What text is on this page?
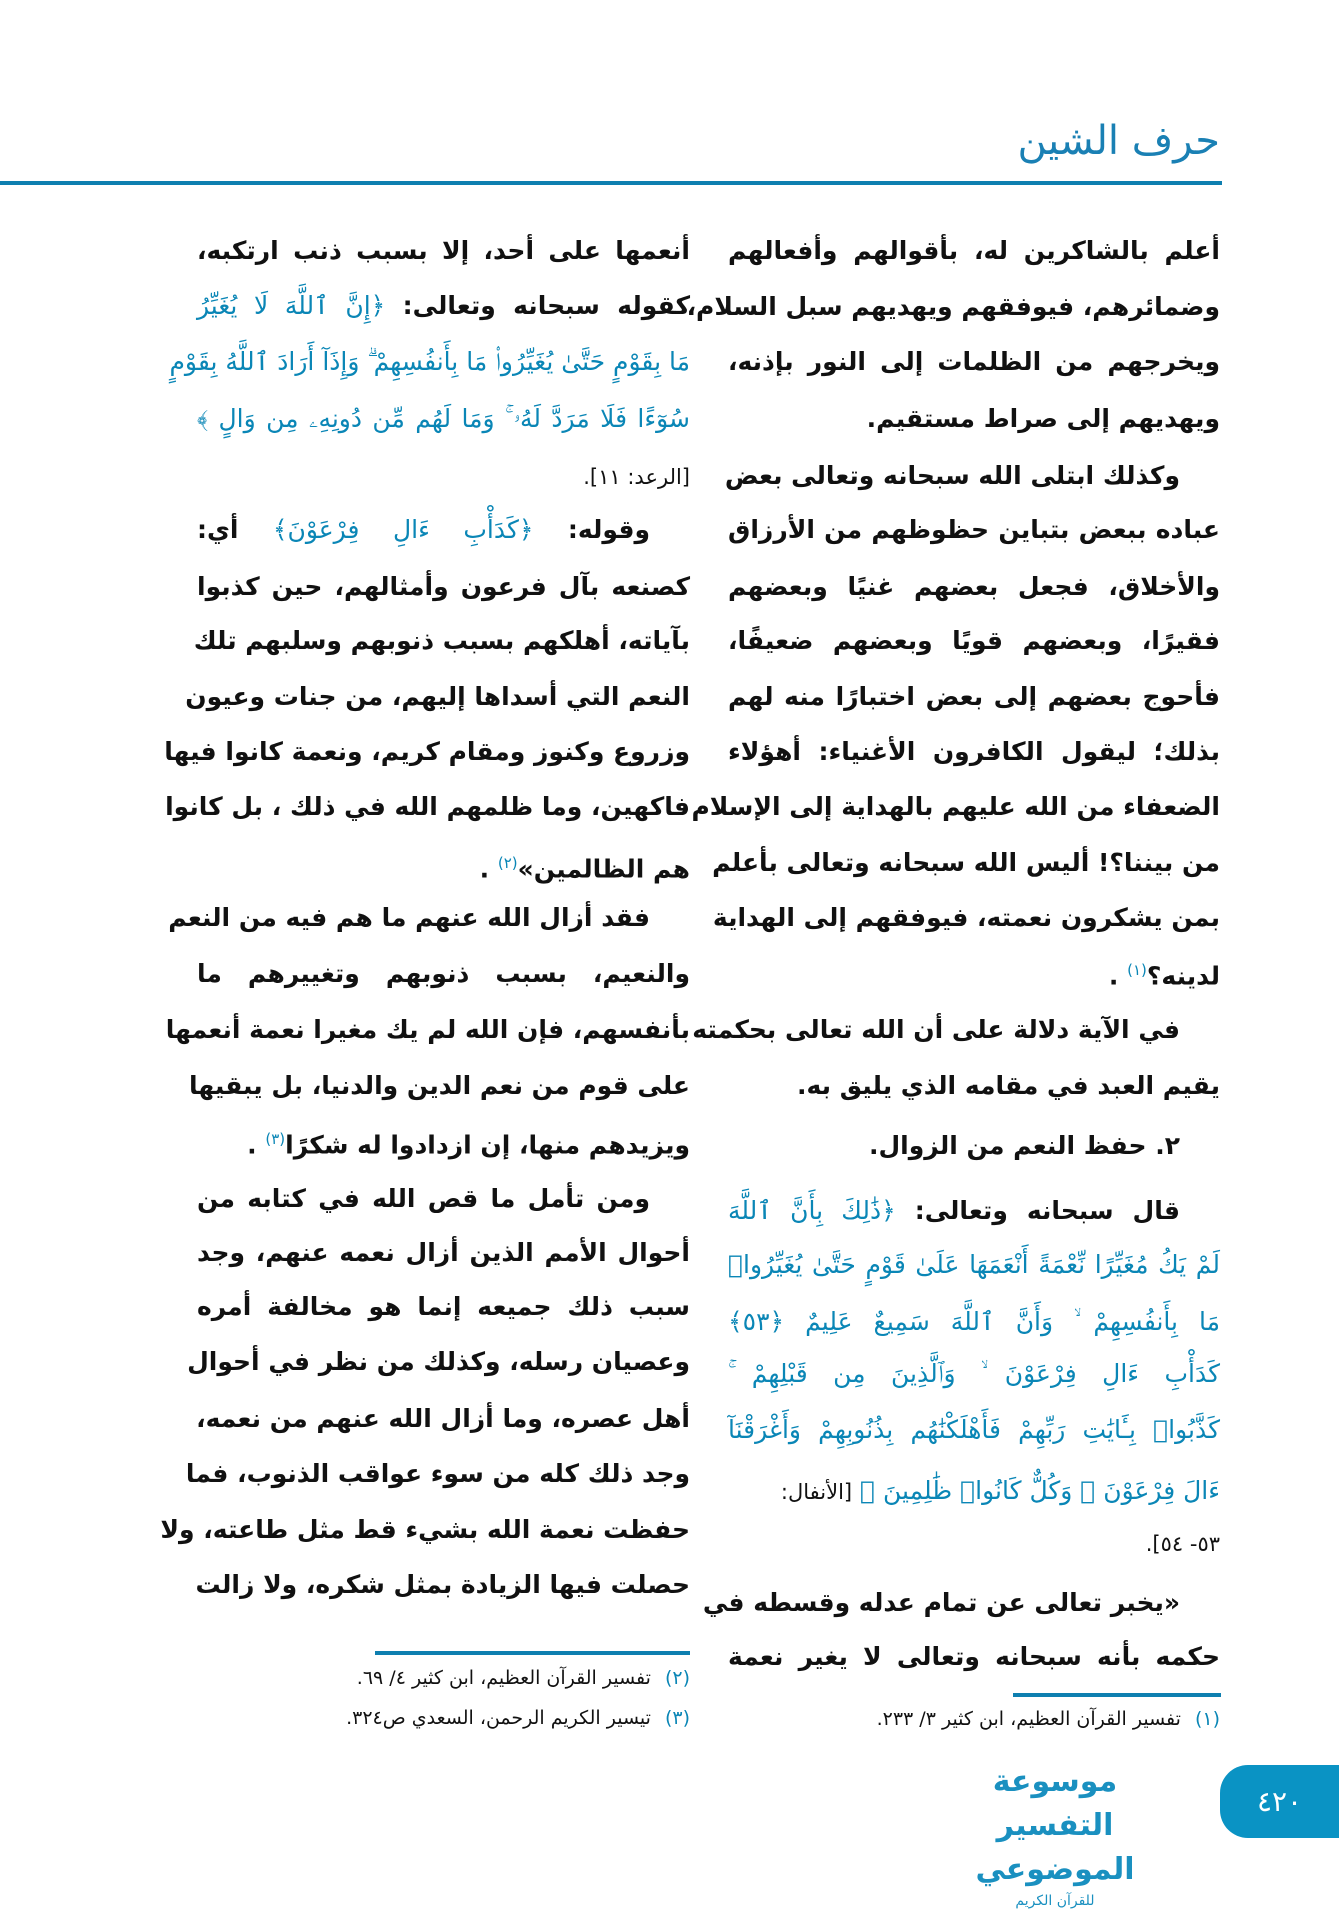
حرف الشين
أعلم بالشاكرين له، بأقوالهم وأفعالهم
وضمائرهم، فيوفقهم ويهديهم سبل السلام،
ويخرجهم من الظلمات إلى النور بإذنه،
ويهديهم إلى صراط مستقيم.
وكذلك ابتلى الله سبحانه وتعالى بعض
عباده ببعض بتباين حظوظهم من الأرزاق
والأخلاق، فجعل بعضهم غنيًا وبعضهم
فقيرًا، وبعضهم قويًا وبعضهم ضعيفًا،
فأحوج بعضهم إلى بعض اختبارًا منه لهم
بذلك؛ ليقول الكافرون الأغنياء: أهؤلاء
الضعفاء من الله عليهم بالهداية إلى الإسلام
من بيننا؟! أليس الله سبحانه وتعالى بأعلم
بمن يشكرون نعمته، فيوفقهم إلى الهداية
لدينه؟$^{(١)}$ .
في الآية دلالة على أن الله تعالى بحكمته
يقيم العبد في مقامه الذي يليق به.
٢. حفظ النعم من الزوال.
قال سبحانه وتعالى: ﴿ذَٰلِكَ بِأَنَّ ٱللَّهَ
لَمْ يَكُ مُغَيِّرًا نِّعْمَةً أَنْعَمَهَا عَلَىٰ قَوْمٍ حَتَّىٰ يُغَيِّرُوا۟
مَا بِأَنفُسِهِمْ ۙ وَأَنَّ ٱللَّهَ سَمِيعٌ عَلِيمٌ ﴿٥٣﴾
كَدَأْبِ ءَالِ فِرْعَوْنَ ۙ وَٱلَّذِينَ مِن قَبْلِهِمْ ۚ
كَذَّبُوا۟ بِـَٔايَٰتِ رَبِّهِمْ فَأَهْلَكْنَٰهُم بِذُنُوبِهِمْ وَأَغْرَقْنَآ
ءَالَ فِرْعَوْنَ ۚ وَكُلٌّ كَانُوا۟ ظَٰلِمِينَ ﴾ [الأنفال:
٥٣- ٥٤].
«يخبر تعالى عن تمام عدله وقسطه في
حكمه بأنه سبحانه وتعالى لا يغير نعمة
أنعمها على أحد، إلا بسبب ذنب ارتكبه،
كقوله سبحانه وتعالى: ﴿إِنَّ ٱللَّهَ لَا يُغَيِّرُ
مَا بِقَوْمٍ حَتَّىٰ يُغَيِّرُوا۟ مَا بِأَنفُسِهِمْ ۗ وَإِذَآ أَرَادَ ٱللَّهُ بِقَوْمٍ
سُوٓءًا فَلَا مَرَدَّ لَهُۥ ۚ وَمَا لَهُم مِّن دُونِهِۦ مِن وَالٍ ﴾
[الرعد: ١١].
وقوله: ﴿كَدَأْبِ ءَالِ فِرْعَوْنَ﴾ أي:
كصنعه بآل فرعون وأمثالهم، حين كذبوا
بآياته، أهلكهم بسبب ذنوبهم وسلبهم تلك
النعم التي أسداها إليهم، من جنات وعيون
وزروع وكنوز ومقام كريم، ونعمة كانوا فيها
فاكهين، وما ظلمهم الله في ذلك ، بل كانوا
هم الظالمين»$^{(٢)}$ .
فقد أزال الله عنهم ما هم فيه من النعم
والنعيم، بسبب ذنوبهم وتغييرهم ما
بأنفسهم، فإن الله لم يك مغيرا نعمة أنعمها
على قوم من نعم الدين والدنيا، بل يبقيها
ويزيدهم منها، إن ازدادوا له شكرًا$^{(٣)}$ .
ومن تأمل ما قص الله في كتابه من
أحوال الأمم الذين أزال نعمه عنهم، وجد
سبب ذلك جميعه إنما هو مخالفة أمره
وعصيان رسله، وكذلك من نظر في أحوال
أهل عصره، وما أزال الله عنهم من نعمه،
وجد ذلك كله من سوء عواقب الذنوب، فما
حفظت نعمة الله بشيء قط مثل طاعته، ولا
حصلت فيها الزيادة بمثل شكره، ولا زالت
(١)تفسير القرآن العظيم، ابن كثير ٣/ ٢٣٣.
(٢)تفسير القرآن العظيم، ابن كثير ٤/ ٦٩.
(٣)تيسير الكريم الرحمن، السعدي ص٣٢٤.
موسوعة التفسير الموضوعي
للقرآن الكريم
٤٢٠
